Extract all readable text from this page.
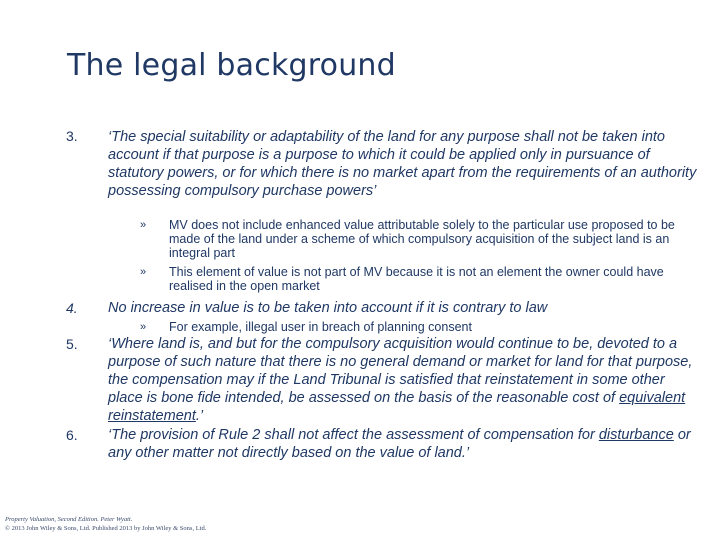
The legal background
3. ‘The special suitability or adaptability of the land for any purpose shall not be taken into account if that purpose is a purpose to which it could be applied only in pursuance of statutory powers, or for which there is no market apart from the requirements of an authority possessing compulsory purchase powers’
» MV does not include enhanced value attributable solely to the particular use proposed to be made of the land under a scheme of which compulsory acquisition of the subject land is an integral part
» This element of value is not part of MV because it is not an element the owner could have realised in the open market
4. No increase in value is to be taken into account if it is contrary to law
» For example, illegal user in breach of planning consent
5. ‘Where land is, and but for the compulsory acquisition would continue to be, devoted to a purpose of such nature that there is no general demand or market for land for that purpose, the compensation may if the Land Tribunal is satisfied that reinstatement in some other place is bone fide intended, be assessed on the basis of the reasonable cost of equivalent reinstatement.’
6. ‘The provision of Rule 2 shall not affect the assessment of compensation for disturbance or any other matter not directly based on the value of land.’
Property Valuation, Second Edition. Peter Wyatt.
© 2013 John Wiley & Sons, Ltd. Published 2013 by John Wiley & Sons, Ltd.
